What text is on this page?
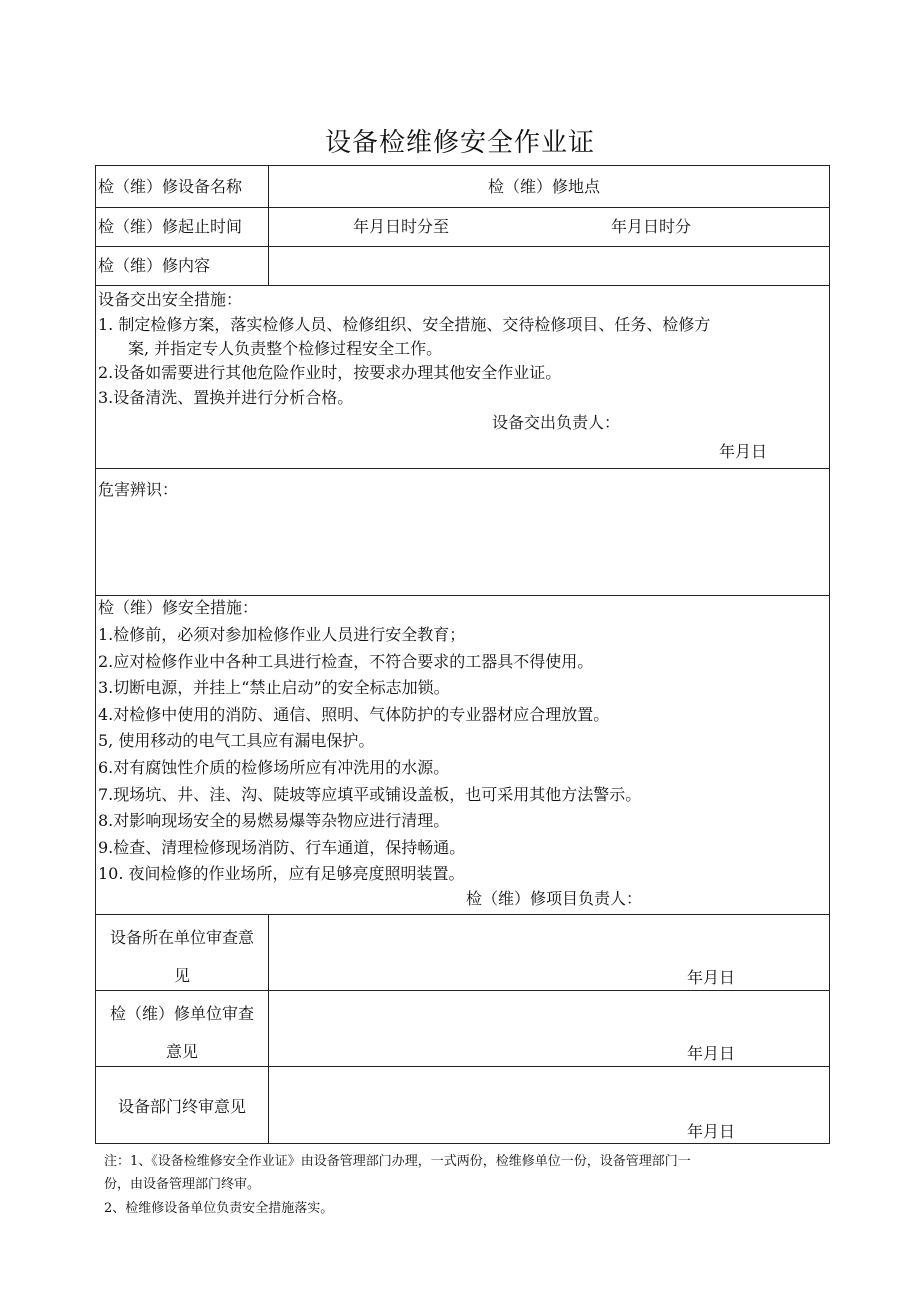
设备检维修安全作业证
检（维）修设备名称	检（维）修地点
检（维）修起止时间	年月日时分至	年月日时分
检（维）修内容
设备交出安全措施：
1. 制定检修方案，落实检修人员、检修组织、安全措施、交待检修项目、任务、检修方
案, 并指定专人负责整个检修过程安全工作。
2.设备如需要进行其他危险作业时，按要求办理其他安全作业证。
3.设备清洗、置换并进行分析合格。
设备交出负责人：
年月日
危害辨识：
检（维）修安全措施：
1.检修前，必须对参加检修作业人员进行安全教育；
2.应对检修作业中各种工具进行检查，不符合要求的工器具不得使用。
3.切断电源，并挂上“禁止启动”的安全标志加锁。
4.对检修中使用的消防、通信、照明、气体防护的专业器材应合理放置。
5, 使用移动的电气工具应有漏电保护。
6.对有腐蚀性介质的检修场所应有冲洗用的水源。
7.现场坑、井、洼、沟、陡坡等应填平或铺设盖板，也可采用其他方法警示。
8.对影响现场安全的易燃易爆等杂物应进行清理。
9.检查、清理检修现场消防、行车通道，保持畅通。
10. 夜间检修的作业场所，应有足够亮度照明装置。
检（维）修项目负责人：
设备所在单位审查意
见	年月日
检（维）修单位审查
意见	年月日
设备部门终审意见
年月日
注：1、《设备检维修安全作业证》由设备管理部门办理，一式两份，检维修单位一份，设备管理部门一
份，由设备管理部门终审。
2、检维修设备单位负责安全措施落实。
